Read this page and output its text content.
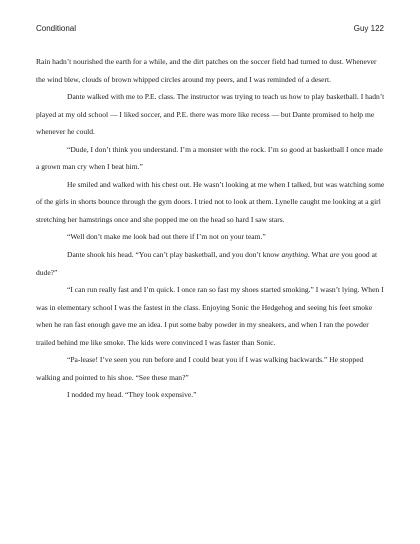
Conditional	Guy 122

Rain hadn’t nourished the earth for a while, and the dirt patches on the soccer field had turned to dust. Whenever the wind blew, clouds of brown whipped circles around my peers, and I was reminded of a desert.

Dante walked with me to P.E. class. The instructor was trying to teach us how to play basketball. I hadn’t played at my old school — I liked soccer, and P.E. there was more like recess — but Dante promised to help me whenever he could.

“Dude, I don’t think you understand. I’m a monster with the rock. I’m so good at basketball I once made a grown man cry when I beat him.”

He smiled and walked with his chest out. He wasn’t looking at me when I talked, but was watching some of the girls in shorts bounce through the gym doors. I tried not to look at them. Lynelle caught me looking at a girl stretching her hamstrings once and she popped me on the head so hard I saw stars.

“Well don’t make me look bad out there if I’m not on your team.”

Dante shook his head. “You can’t play basketball, and you don’t know anything. What are you good at dude?”

“I can run really fast and I’m quick. I once ran so fast my shoes started smoking.” I wasn’t lying. When I was in elementary school I was the fastest in the class. Enjoying Sonic the Hedgehog and seeing his feet smoke when he ran fast enough gave me an idea. I put some baby powder in my sneakers, and when I ran the powder trailed behind me like smoke. The kids were convinced I was faster than Sonic.

“Pa-lease! I’ve seen you run before and I could beat you if I was walking backwards.” He stopped walking and pointed to his shoe. “See these man?”

I nodded my head. “They look expensive.”
